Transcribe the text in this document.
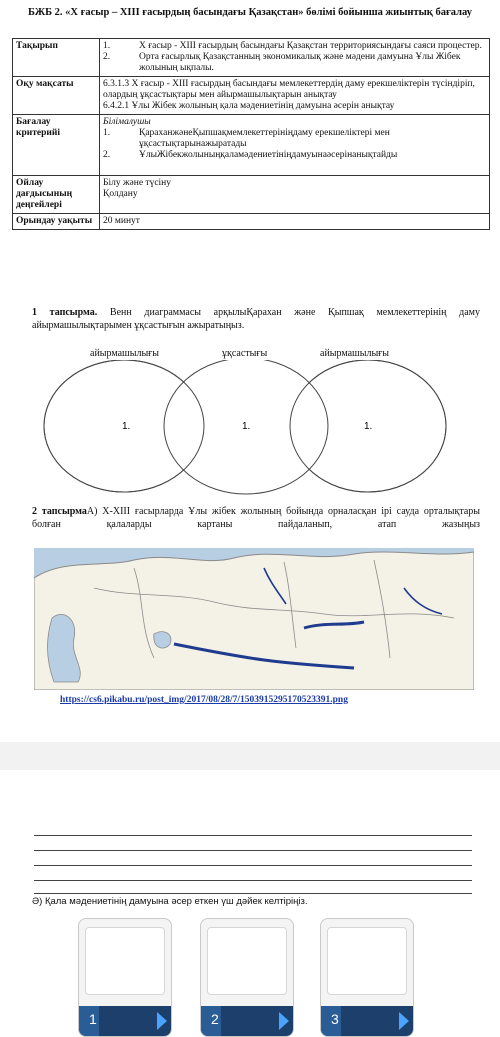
БЖБ 2. «Х ғасыр – XIII ғасырдың басындағы Қазақстан» бөлімі бойынша жиынтық бағалау
Тақырып	1. Х ғасыр - XIII ғасырдың басындағы Қазақстан территориясындағы саяси процестер.
2. Орта ғасырлық Қазақстанның экономикалық және мәдени дамуына Ұлы Жібек жолының ықпалы.

Оқу мақсаты	6.3.1.3 Х ғасыр - XIII ғасырдың басындағы мемлекеттердің даму ерекшеліктерін түсіндіріп, олардың ұқсастықтары мен айырмашылықтарын анықтау
6.4.2.1 Ұлы Жібек жолының қала мәдениетінің дамуына әсерін анықтау

Бағалау критерийі	Білімалушы
1. ҚараханжәнеҚыпшақмемлекеттерініңдаму ерекшеліктері мен ұқсастықтарынажыратады
2. ҰлыЖібекжолыныңқаламәдениетініңдамуынаәсерінанықтайды

Ойлау дағдысының деңгейлері	Білу және түсіну
Қолдану

Орындау уақыты	20 минут
1 тапсырма. Венн диаграммасы арқылыҚарахан және Қыпшақ мемлекеттерінің даму айырмашылықтарымен ұқсастығын ажыратыңыз.
айырмашылығы	ұқсастығы	айырмашылығы
1.	1.	1.
2 тапсырмаА) Х-ХІІІ ғасырларда Ұлы жібек жолының бойында орналасқан ірі сауда орталықтары болған қалаларды картаны пайдаланып, атап жазыңыз
https://cs6.pikabu.ru/post_img/2017/08/28/7/1503915295170523391.png
Ә) Қала мәдениетінің дамуына әсер еткен үш дәйек келтіріңіз.
1	2	3
